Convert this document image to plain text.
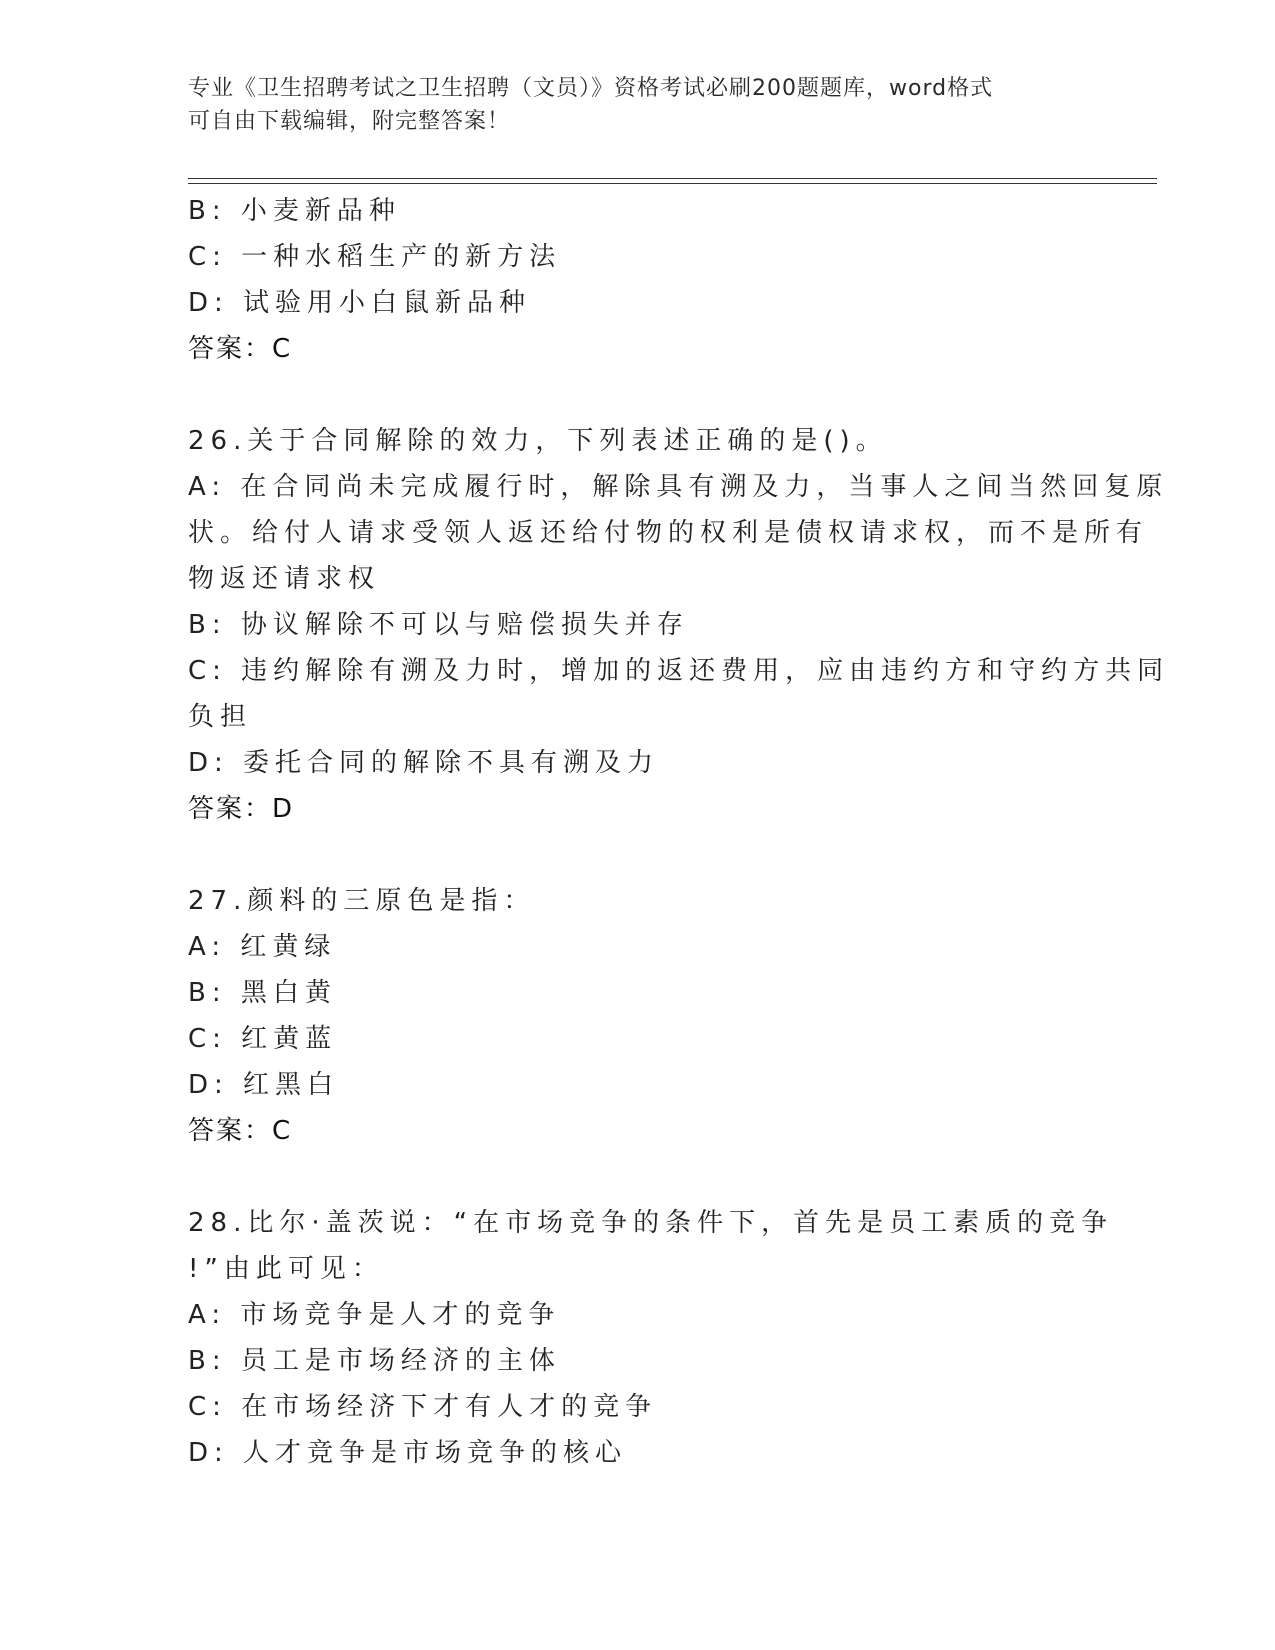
专业《卫生招聘考试之卫生招聘（文员）》资格考试必刷200题题库，word格式
可自由下载编辑，附完整答案！
B: 小麦新品种
C: 一种水稻生产的新方法
D: 试验用小白鼠新品种
答案：C
26.关于合同解除的效力，下列表述正确的是()。
A: 在合同尚未完成履行时，解除具有溯及力，当事人之间当然回复原
状。给付人请求受领人返还给付物的权利是债权请求权，而不是所有
物返还请求权
B: 协议解除不可以与赔偿损失并存
C: 违约解除有溯及力时，增加的返还费用，应由违约方和守约方共同
负担
D: 委托合同的解除不具有溯及力
答案：D
27.颜料的三原色是指：
A: 红黄绿
B: 黑白黄
C: 红黄蓝
D: 红黑白
答案：C
28.比尔·盖茨说：“在市场竞争的条件下，首先是员工素质的竞争
!”由此可见：
A: 市场竞争是人才的竞争
B: 员工是市场经济的主体
C: 在市场经济下才有人才的竞争
D: 人才竞争是市场竞争的核心
